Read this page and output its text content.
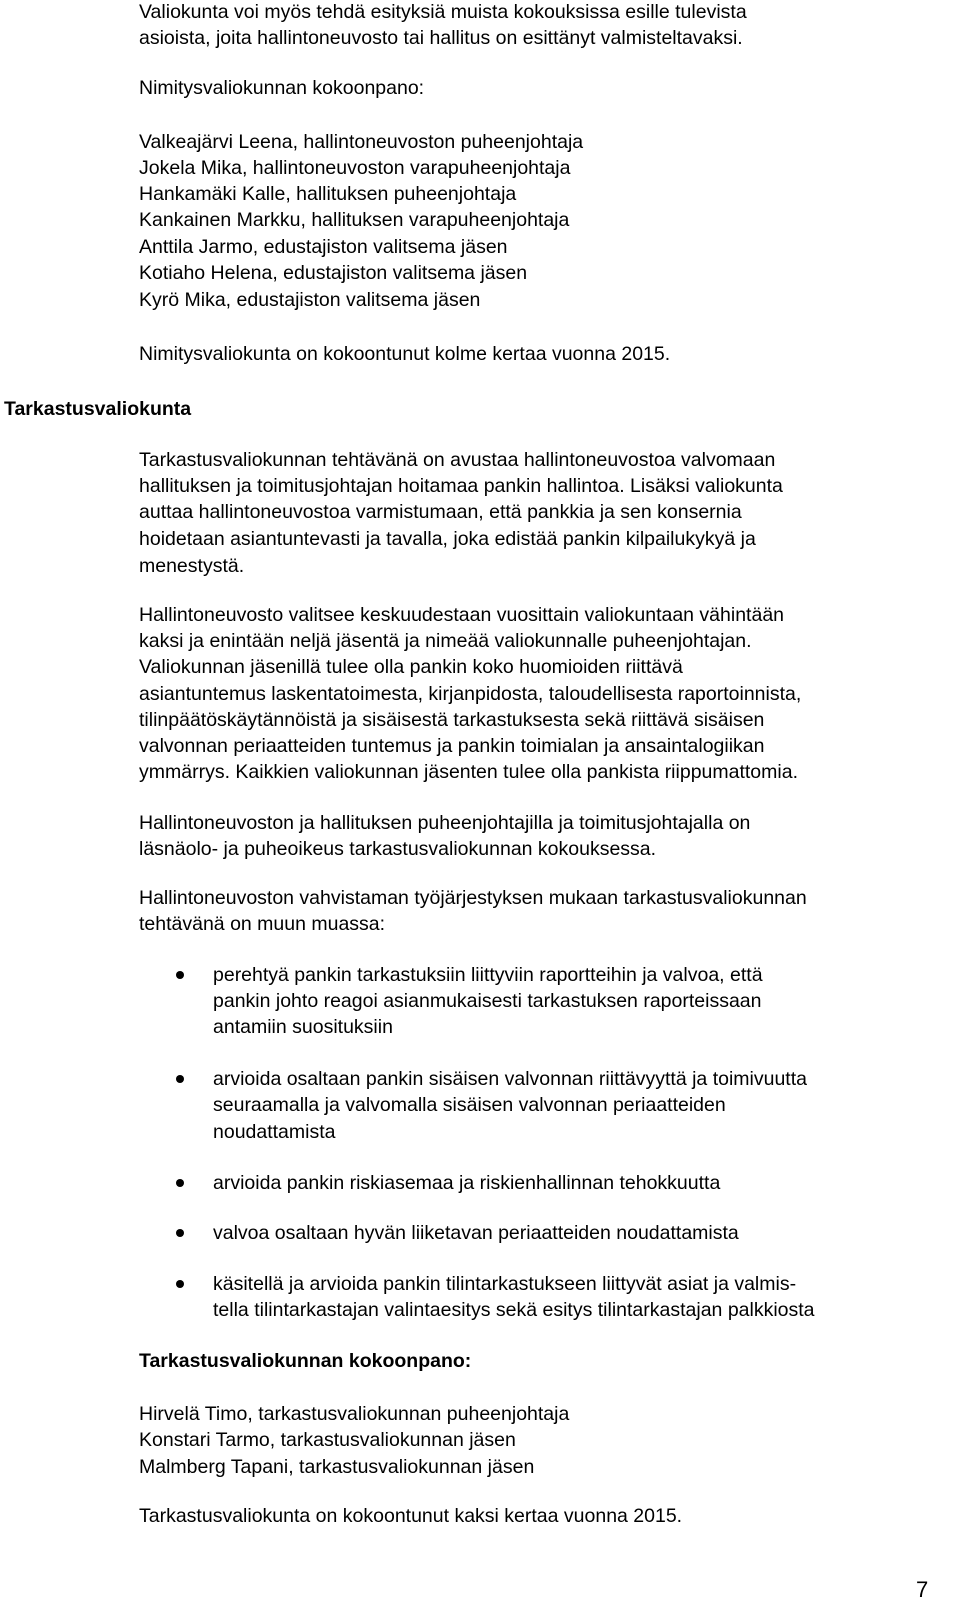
Valiokunta voi myös tehdä esityksiä muista kokouksissa esille tulevista
asioista, joita hallintoneuvosto tai hallitus on esittänyt valmisteltavaksi.
Nimitysvaliokunnan kokoonpano:
Valkeajärvi Leena, hallintoneuvoston puheenjohtaja
Jokela Mika, hallintoneuvoston varapuheenjohtaja
Hankamäki Kalle, hallituksen puheenjohtaja
Kankainen Markku, hallituksen varapuheenjohtaja
Anttila Jarmo, edustajiston valitsema jäsen
Kotiaho Helena, edustajiston valitsema jäsen
Kyrö Mika, edustajiston valitsema jäsen
Nimitysvaliokunta on kokoontunut kolme kertaa vuonna 2015.
Tarkastusvaliokunta
Tarkastusvaliokunnan tehtävänä on avustaa hallintoneuvostoa valvomaan
hallituksen ja toimitusjohtajan hoitamaa pankin hallintoa. Lisäksi valiokunta
auttaa hallintoneuvostoa varmistumaan, että pankkia ja sen konsernia
hoidetaan asiantuntevasti ja tavalla, joka edistää pankin kilpailukykyä ja
menestystä.
Hallintoneuvosto valitsee keskuudestaan vuosittain valiokuntaan vähintään
kaksi ja enintään neljä jäsentä ja nimeää valiokunnalle puheenjohtajan.
Valiokunnan jäsenillä tulee olla pankin koko huomioiden riittävä
asiantuntemus laskentatoimesta, kirjanpidosta, taloudellisesta raportoinnista,
tilinpäätöskäytännöistä ja sisäisestä tarkastuksesta sekä riittävä sisäisen
valvonnan periaatteiden tuntemus ja pankin toimialan ja ansaintalogiikan
ymmärrys. Kaikkien valiokunnan jäsenten tulee olla pankista riippumattomia.
Hallintoneuvoston ja hallituksen puheenjohtajilla ja toimitusjohtajalla on
läsnäolo- ja puheoikeus tarkastusvaliokunnan kokouksessa.
Hallintoneuvoston vahvistaman työjärjestyksen mukaan tarkastusvaliokunnan
tehtävänä on muun muassa:
perehtyä pankin tarkastuksiin liittyviin raportteihin ja valvoa, että
pankin johto reagoi asianmukaisesti tarkastuksen raporteissaan
antamiin suosituksiin
arvioida osaltaan pankin sisäisen valvonnan riittävyyttä ja toimivuutta
seuraamalla ja valvomalla sisäisen valvonnan periaatteiden
noudattamista
arvioida pankin riskiasemaa ja riskienhallinnan tehokkuutta
valvoa osaltaan hyvän liiketavan periaatteiden noudattamista
käsitellä ja arvioida pankin tilintarkastukseen liittyvät asiat ja valmis-
tella tilintarkastajan valintaesitys sekä esitys tilintarkastajan palkkiosta
Tarkastusvaliokunnan kokoonpano:
Hirvelä Timo, tarkastusvaliokunnan puheenjohtaja
Konstari Tarmo, tarkastusvaliokunnan jäsen
Malmberg Tapani, tarkastusvaliokunnan jäsen
Tarkastusvaliokunta on kokoontunut kaksi kertaa vuonna 2015.
7
